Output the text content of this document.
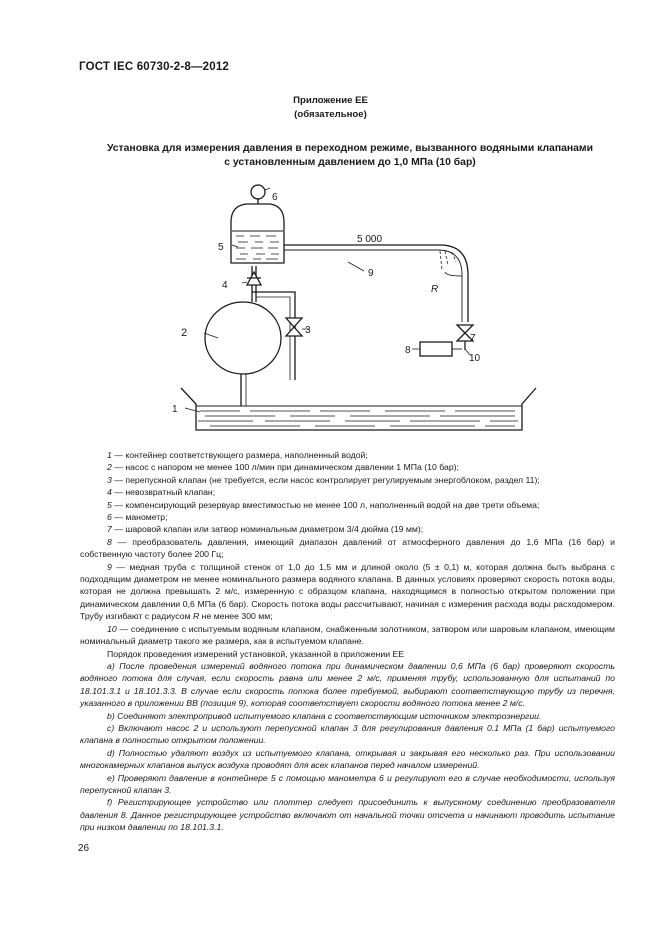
ГОСТ IEC 60730-2-8—2012
Приложение ЕЕ
(обязательное)
Установка для измерения давления в переходном режиме, вызванного водяными клапанами
с установленным давлением до 1,0 МПа (10 бар)
1
2	3
4
5
6
7
8
9
10
5 000
R

1 — контейнер соответствующего размера, наполненный водой;

2 — насос с напором не менее 100 л/мин при динамическом давлении 1 МПа (10 бар);

3 — перепускной клапан (не требуется, если насос контролирует регулируемым энергоблоком, раздел 11);

4 — невозвратный клапан;

5 — компенсирующий резервуар вместимостью не менее 100 л, наполненный водой на две трети объема;

6 — манометр;

7 — шаровой клапан или затвор номинальным диаметром 3/4 дюйма (19 мм);

8 — преобразователь давления, имеющий диапазон давлений от атмосферного давления до 1,6 МПа (16 бар) и собственную частоту более 200 Гц;

9 — медная труба с толщиной стенок от 1,0 до 1,5 мм и длиной около (5 ± 0,1) м, которая должна быть выбрана с подходящим диаметром не менее номинального размера водяного клапана. В данных условиях проверяют скорость потока воды, которая не должна превышать 2 м/с, измеренную с образцом клапана, находящимся в полностью открытом положении при динамическом давлении 0,6 МПа (6 бар). Скорость потока воды рассчитывают, начиная с измерения расхода воды расходомером. Трубу изгибают с радиусом R не менее 300 мм;

10 — соединение с испытуемым водяным клапаном, снабженным золотником, затвором или шаровым клапаном, имеющим номинальный диаметр такого же размера, как в испытуемом клапане.

Порядок проведения измерений установкой, указанной в приложении ЕЕ

а) После проведения измерений водяного потока при динамическом давлении 0,6 МПа (6 бар) проверяют скорость водяного потока для случая, если скорость равна или менее 2 м/с, применяя трубу, использованную для испытаний по 18.101.3.1 и 18.101.3.3. В случае если скорость потока более требуемой, выбирают соответствующую трубу из перечня, указанного в приложении ВВ (позиция 9), которая соответствует скорости водяного потока менее 2 м/с.

b) Соединяют электропривод испытуемого клапана с соответствующим источником электроэнергии.

c) Включают насос 2 и используют перепускной клапан 3 для регулирования давления 0.1 МПа (1 бар) испытуемого клапана в полностью открытом положении.

d) Полностью удаляют воздух из испытуемого клапана, открывая и закрывая его несколько раз. При использовании многокамерных клапанов выпуск воздуха проводят для всех клапанов перед началом измерений.

e) Проверяют давление в контейнере 5 с помощью манометра 6 и регулируют его в случае необходимости, используя перепускной клапан 3.

f) Регистрирующее устройство или плоттер следует присоединить к выпускному соединению преобразователя давления 8. Данное регистрирующее устройство включают от начальной точки отсчета и начинают проводить испытание при низком давлении по 18.101.3.1.

26
